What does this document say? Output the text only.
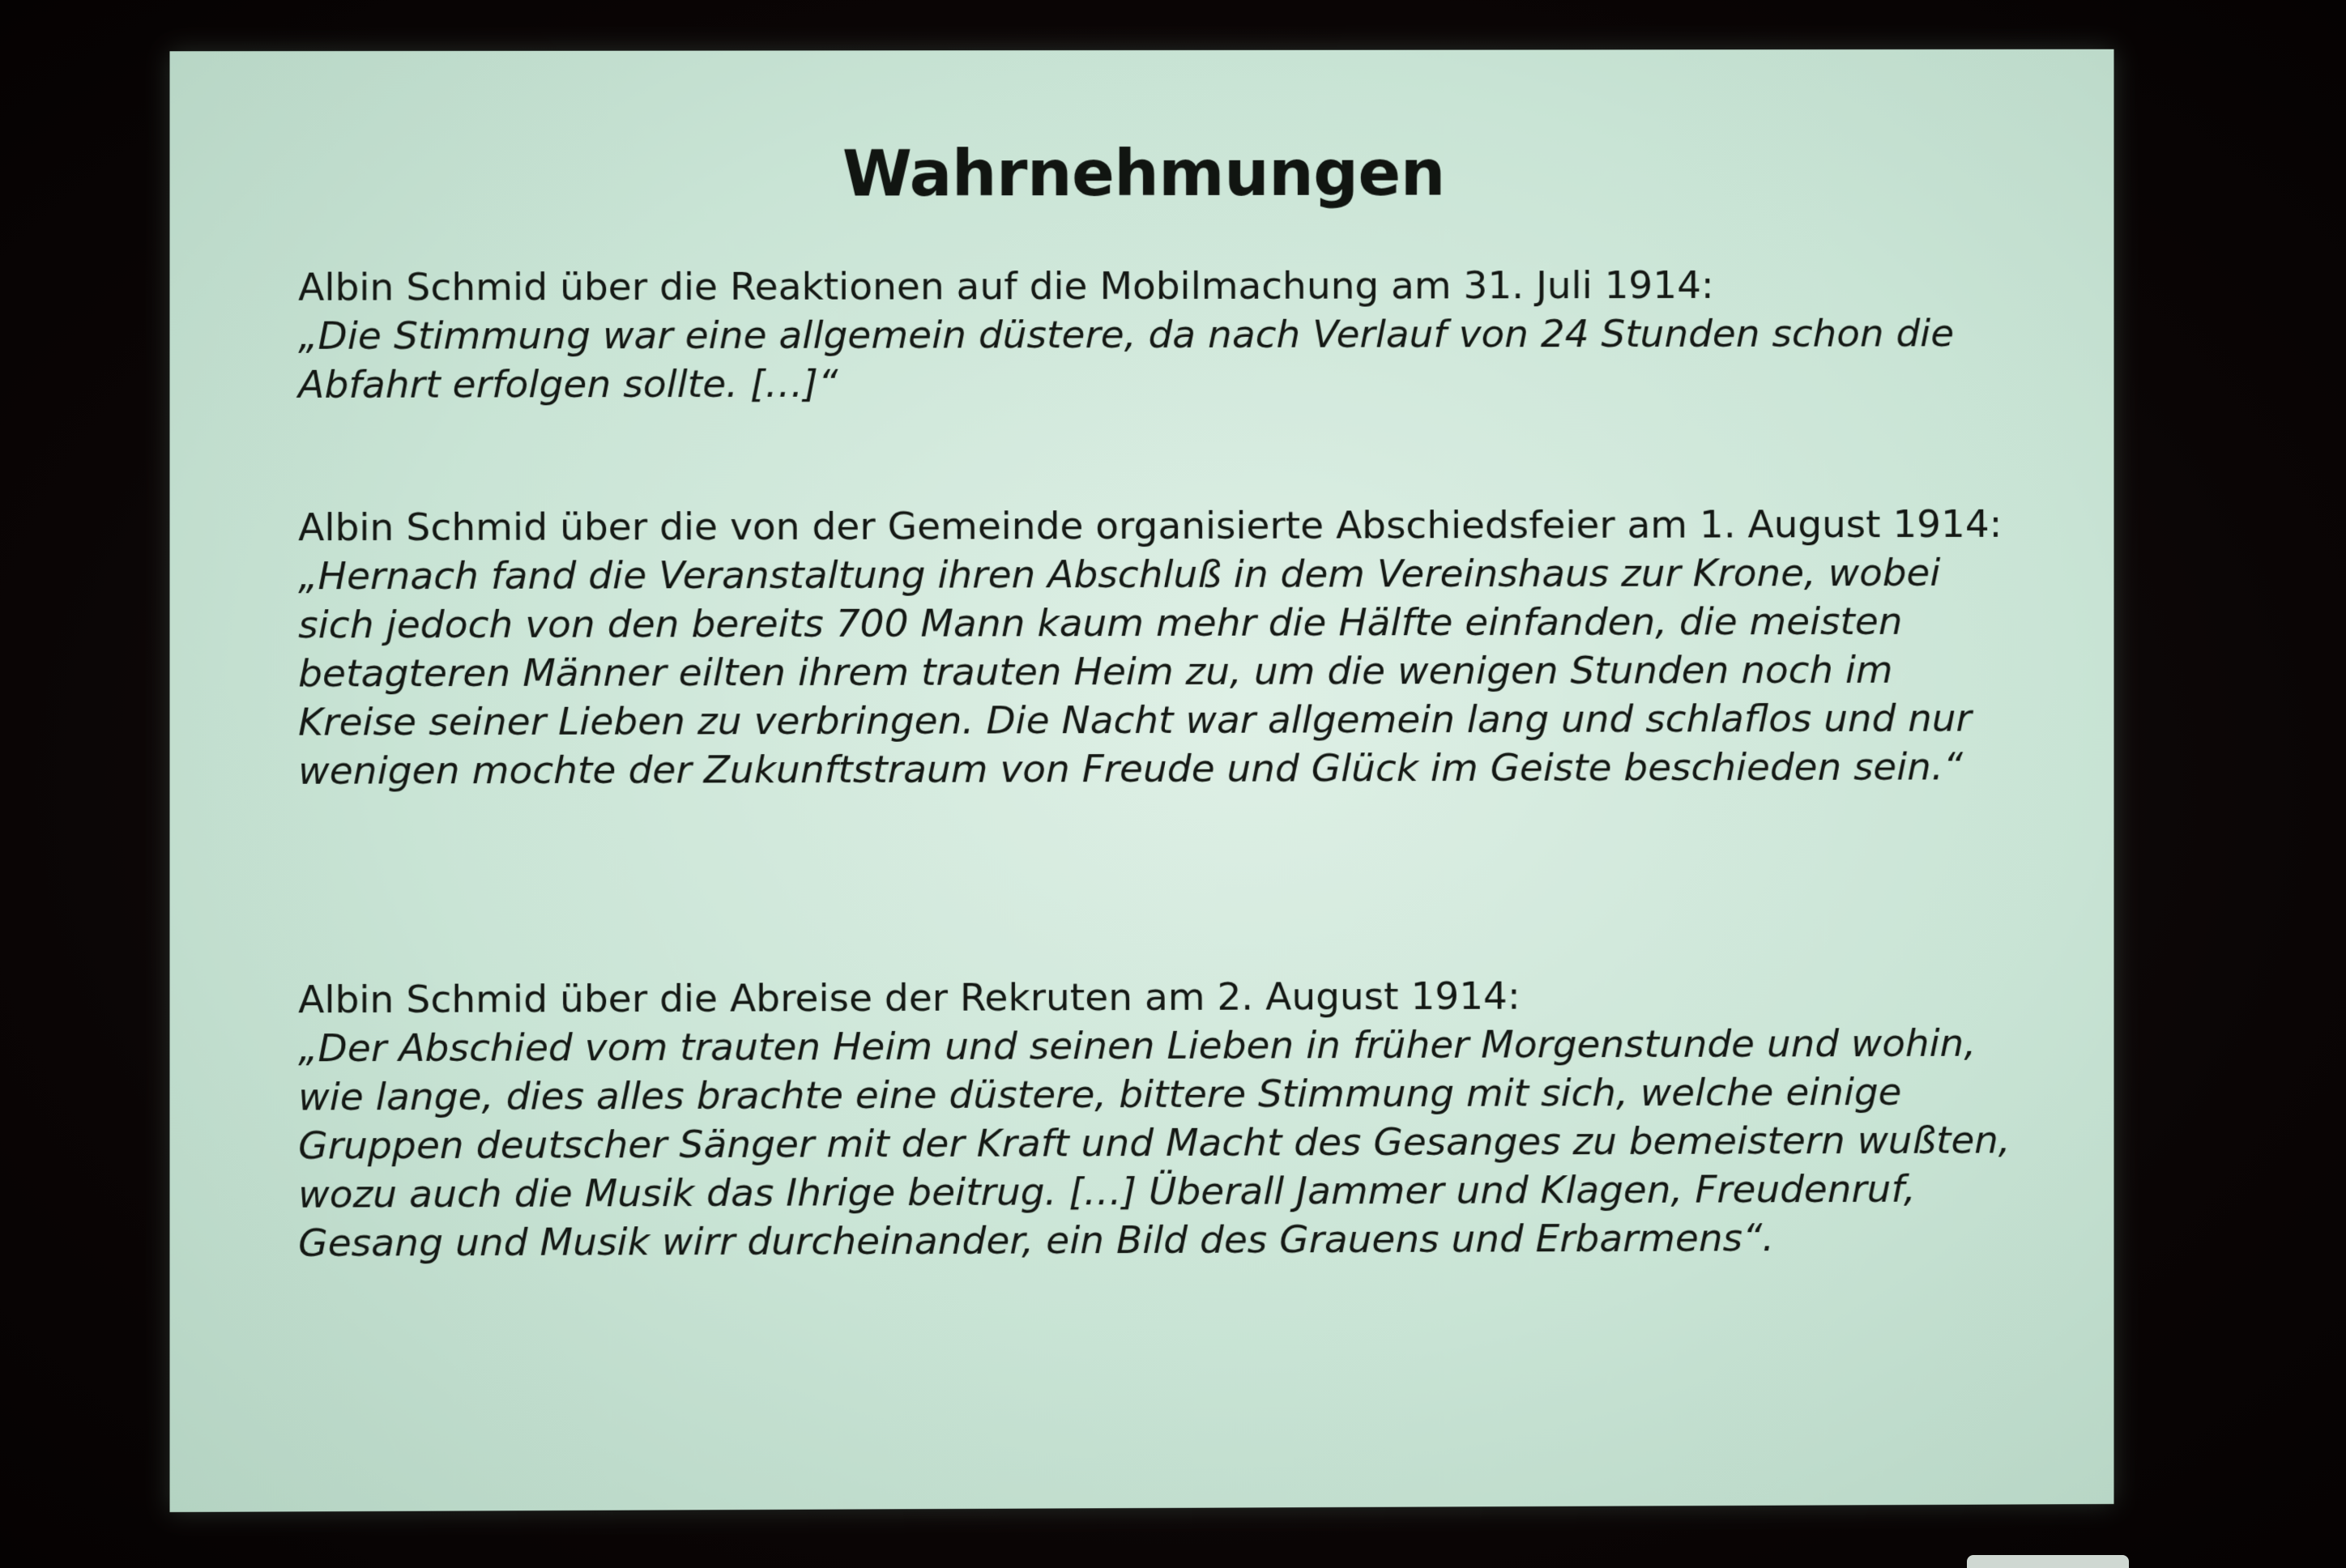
Wahrnehmungen

Albin Schmid über die Reaktionen auf die Mobilmachung am 31. Juli 1914:

„Die Stimmung war eine allgemein düstere, da nach Verlauf von 24 Stunden schon die Abfahrt erfolgen sollte. […]“

Albin Schmid über die von der Gemeinde organisierte Abschiedsfeier am 1. August 1914:

„Hernach fand die Veranstaltung ihren Abschluß in dem Vereinshaus zur Krone, wobei sich jedoch von den bereits 700 Mann kaum mehr die Hälfte einfanden, die meisten betagteren Männer eilten ihrem trauten Heim zu, um die wenigen Stunden noch im Kreise seiner Lieben zu verbringen. Die Nacht war allgemein lang und schlaflos und nur wenigen mochte der Zukunftstraum von Freude und Glück im Geiste beschieden sein.“

Albin Schmid über die Abreise der Rekruten am 2. August 1914:

„Der Abschied vom trauten Heim und seinen Lieben in früher Morgenstunde und wohin, wie lange, dies alles brachte eine düstere, bittere Stimmung mit sich, welche einige Gruppen deutscher Sänger mit der Kraft und Macht des Gesanges zu bemeistern wußten, wozu auch die Musik das Ihrige beitrug. […] Überall Jammer und Klagen, Freudenruf, Gesang und Musik wirr durcheinander, ein Bild des Grauens und Erbarmens“.
